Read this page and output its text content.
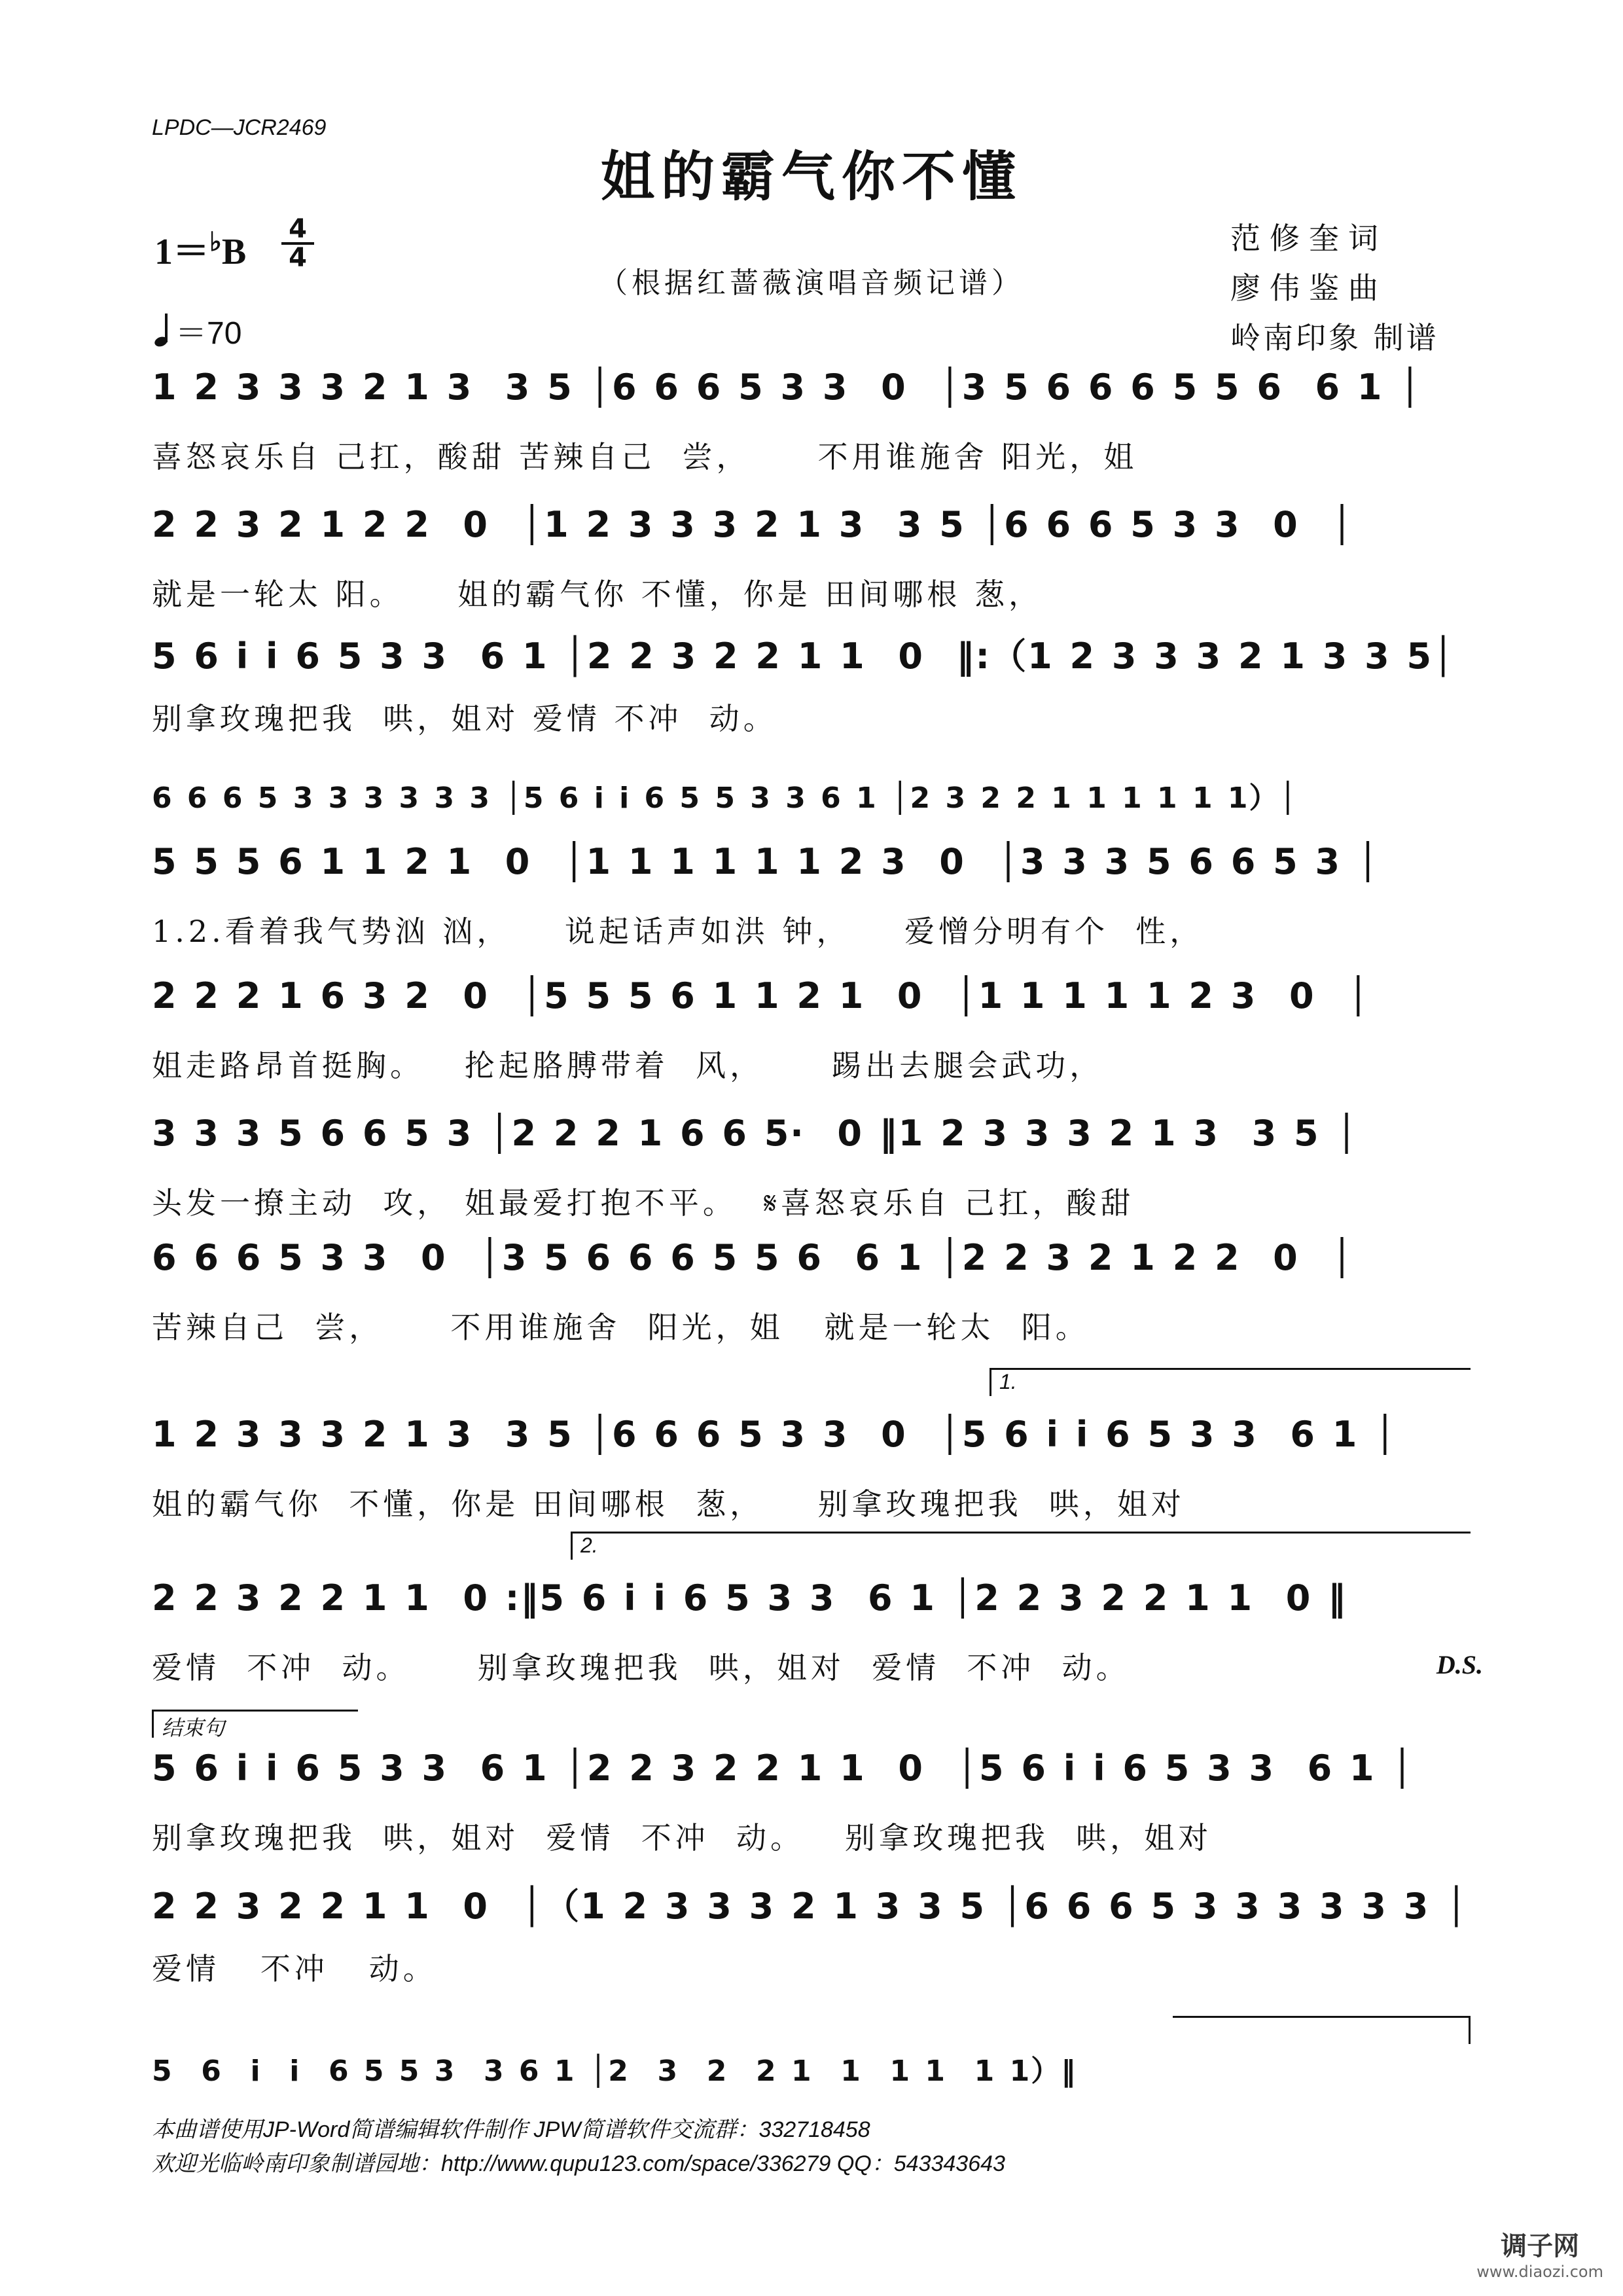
LPDC—JCR2469
姐的霸气你不懂
（根据红蔷薇演唱音频记谱）
范修奎词
廖伟鉴曲
岭南印象 制谱
1＝♭B
4
4
＝70
1 2 3 3 3 2 1 3  3 5 │6 6 6 5 3 3  0  │3 5 6 6 6 5 5 6  6 1 │
喜怒哀乐自 己扛，酸甜 苦辣自己  尝，     不用谁施舍 阳光，姐
2 2 3 2 1 2 2  0  │1 2 3 3 3 2 1 3  3 5 │6 6 6 5 3 3  0  │
就是一轮太 阳。    姐的霸气你 不懂，你是 田间哪根 葱，
5 6 i i 6 5 3 3  6 1 │2 2 3 2 2 1 1  0  ‖:（1 2 3 3 3 2 1 3 3 5│
别拿玫瑰把我  哄，姐对 爱情 不冲  动。
6 6 6 5 3 3 3 3 3 3 │5 6 i i 6 5 5 3 3 6 1 │2 3 2 2 1 1 1 1 1 1）│
5 5 5 6 1 1 2 1  0  │1 1 1 1 1 1 2 3  0  │3 3 3 5 6 6 5 3 │
1.2.看着我气势汹 汹，    说起话声如洪 钟，    爱憎分明有个  性，
2 2 2 1 6 3 2  0  │5 5 5 6 1 1 2 1  0  │1 1 1 1 1 2 3  0  │
姐走路昂首挺胸。   抡起胳膊带着  风，     踢出去腿会武功，
3 3 3 5 6 6 5 3 │2 2 2 1 6 6 5·  0 ‖1 2 3 3 3 2 1 3  3 5 │
头发一撩主动  攻， 姐最爱打抱不平。  𝄋喜怒哀乐自 己扛，酸甜
6 6 6 5 3 3  0  │3 5 6 6 6 5 5 6  6 1 │2 2 3 2 1 2 2  0  │
苦辣自己  尝，     不用谁施舍  阳光，姐   就是一轮太  阳。
1.
1 2 3 3 3 2 1 3  3 5 │6 6 6 5 3 3  0  │5 6 i i 6 5 3 3  6 1 │
姐的霸气你  不懂，你是 田间哪根  葱，    别拿玫瑰把我  哄，姐对
2.
2 2 3 2 2 1 1  0 :‖5 6 i i 6 5 3 3  6 1 │2 2 3 2 2 1 1  0 ‖
爱情  不冲  动。     别拿玫瑰把我  哄，姐对  爱情  不冲  动。	D.S.
结束句
5 6 i i 6 5 3 3  6 1 │2 2 3 2 2 1 1  0  │5 6 i i 6 5 3 3  6 1 │
别拿玫瑰把我  哄，姐对  爱情  不冲  动。   别拿玫瑰把我  哄，姐对
2 2 3 2 2 1 1  0  │（1 2 3 3 3 2 1 3 3 5 │6 6 6 5 3 3 3 3 3 3 │
爱情   不冲   动。
5  6  i  i  6 5 5 3  3 6 1 │2  3  2  2 1  1  1 1  1 1）‖
本曲谱使用JP-Word简谱编辑软件制作 JPW简谱软件交流群：332718458
欢迎光临岭南印象制谱园地：http://www.qupu123.com/space/336279 QQ：543343643
调子网
www.diaozi.com
